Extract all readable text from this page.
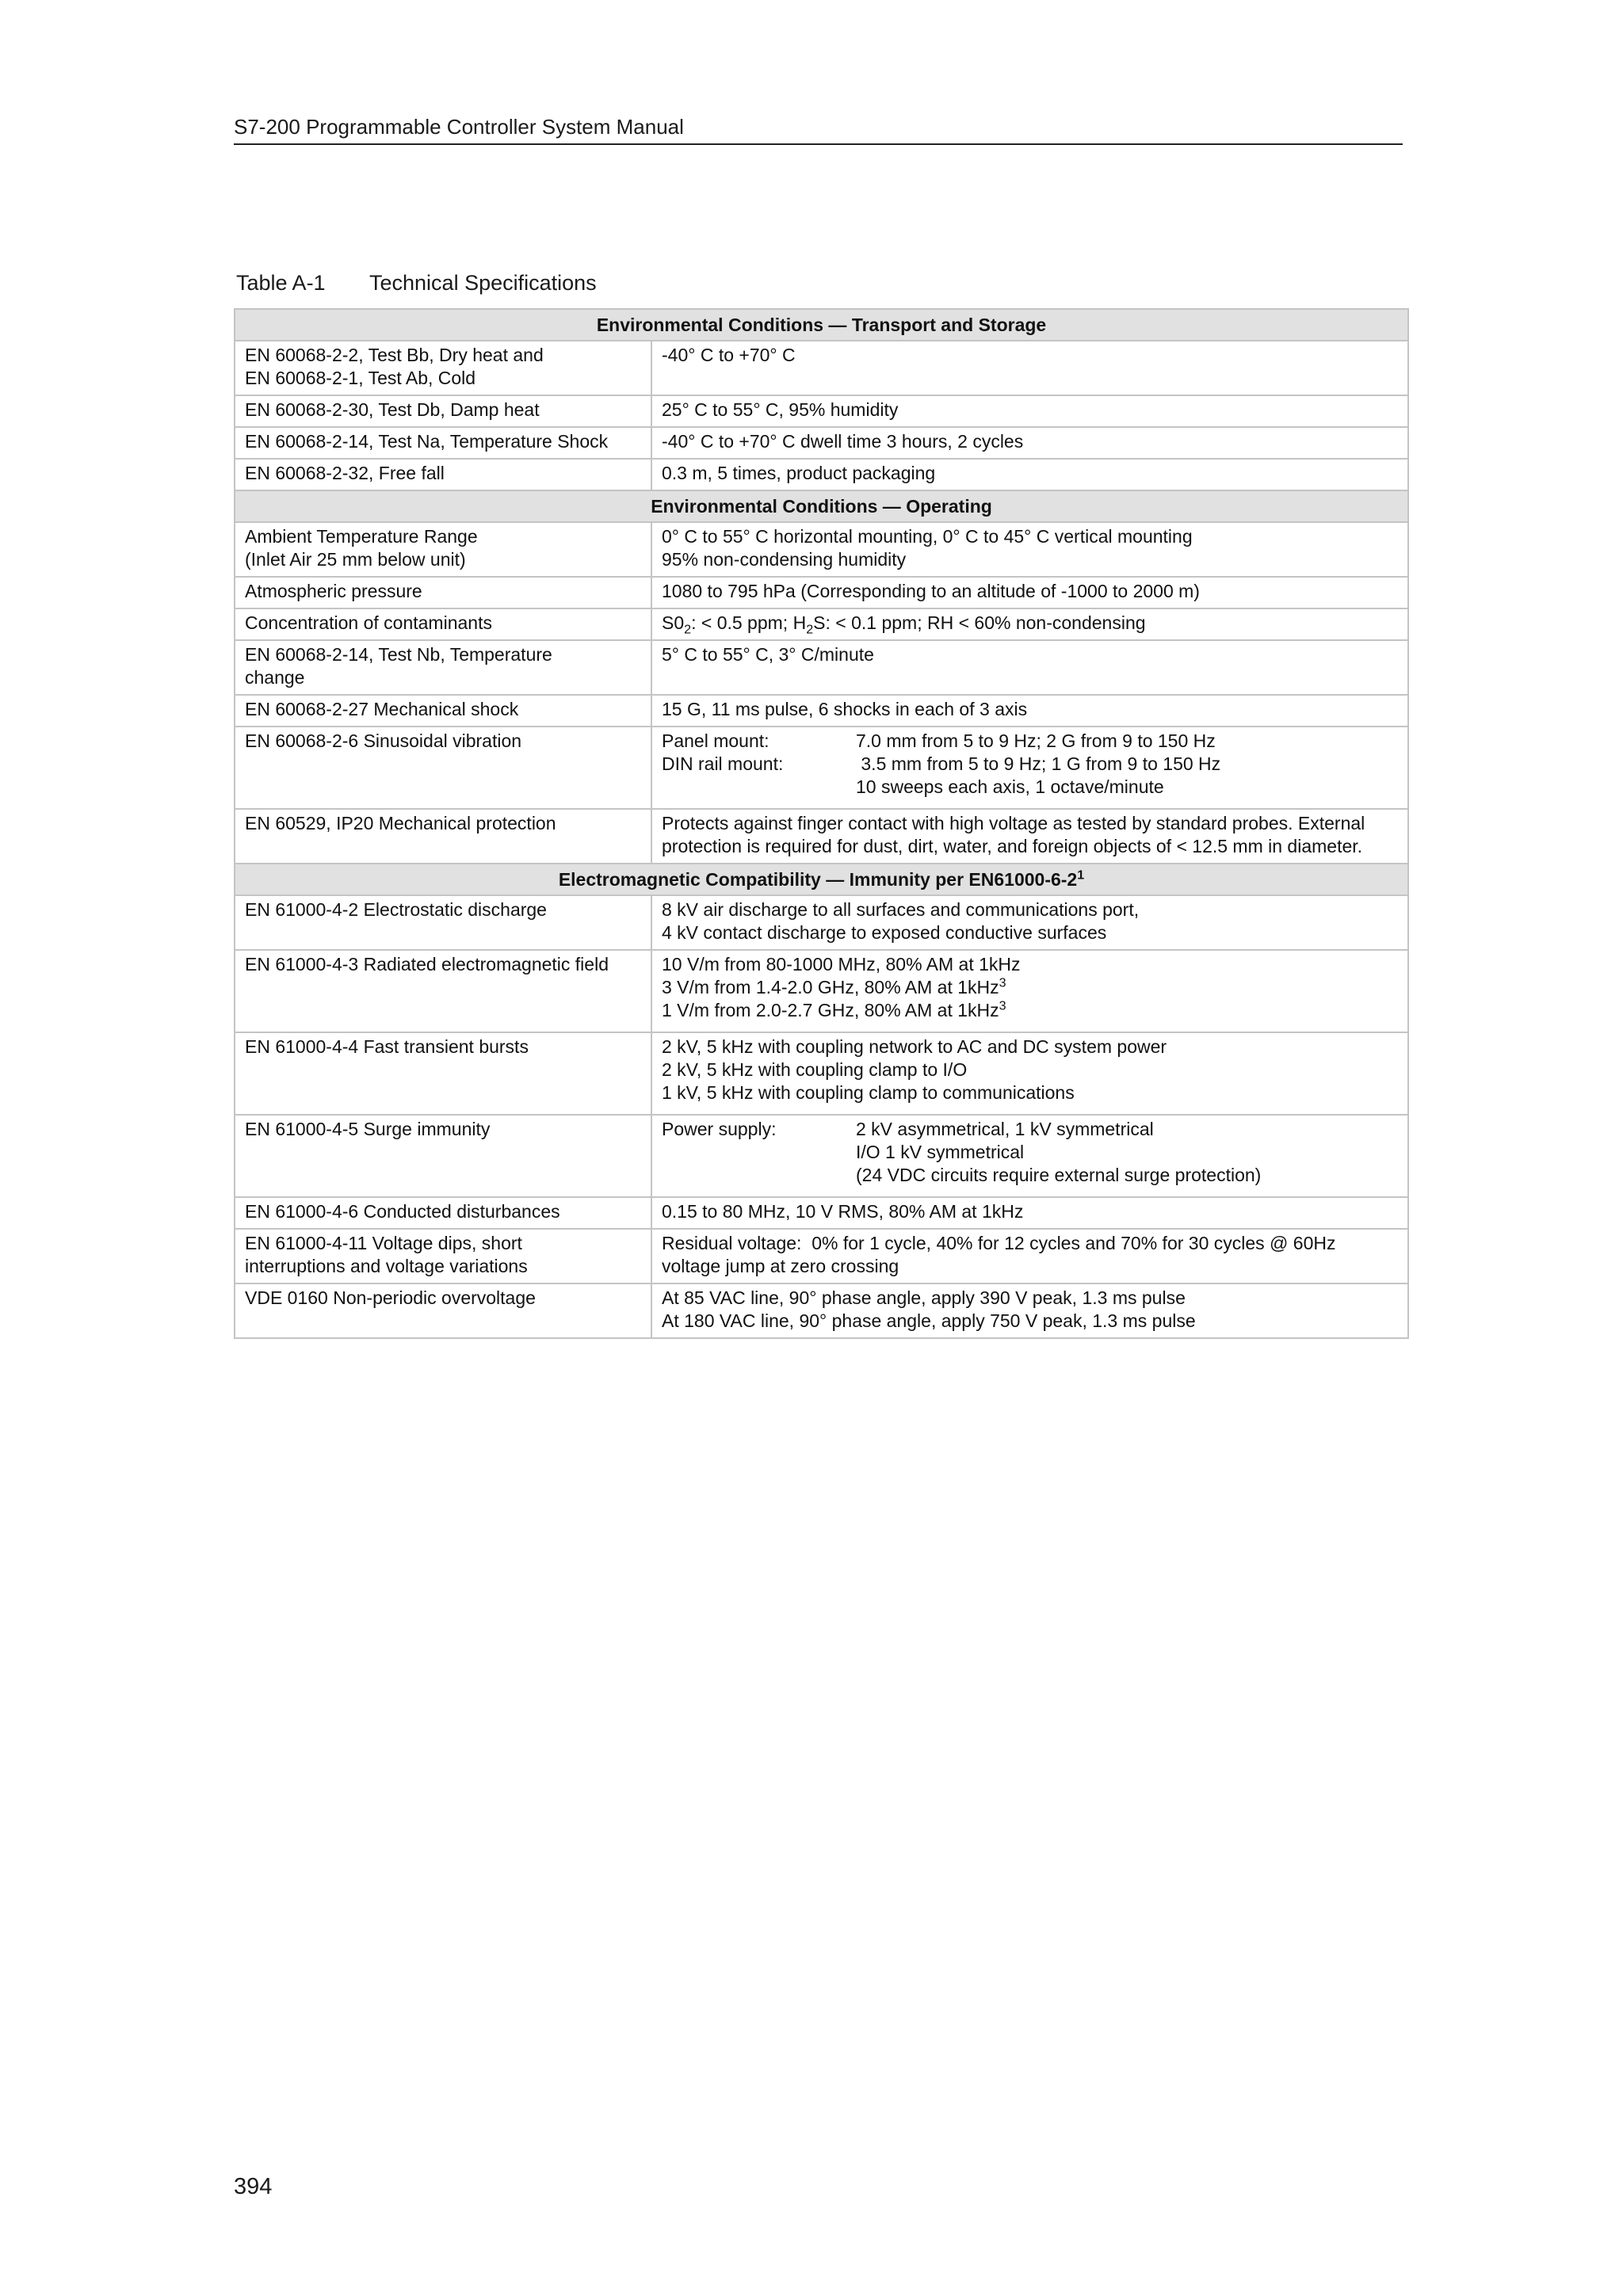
S7-200 Programmable Controller System Manual
Table A-1 Technical Specifications
Environmental Conditions — Transport and Storage	

EN 60068-2-2, Test Bb, Dry heat and
EN 60068-2-1, Test Ab, Cold	-40° C to +70° C

EN 60068-2-30, Test Db, Damp heat	25° C to 55° C, 95% humidity

EN 60068-2-14, Test Na, Temperature Shock	-40° C to +70° C dwell time 3 hours, 2 cycles

EN 60068-2-32, Free fall	0.3 m, 5 times, product packaging

Environmental Conditions — Operating	

Ambient Temperature Range
(Inlet Air 25 mm below unit)	0° C to 55° C horizontal mounting, 0° C to 45° C vertical mounting
95% non-condensing humidity

Atmospheric pressure	1080 to 795 hPa (Corresponding to an altitude of -1000 to 2000 m)

Concentration of contaminants	$S0_2$: < 0.5 ppm; $H_2S$: < 0.1 ppm; RH < 60% non-condensing

EN 60068-2-14, Test Nb, Temperature
change	5° C to 55° C, 3° C/minute

EN 60068-2-27 Mechanical shock	15 G, 11 ms pulse, 6 shocks in each of 3 axis

EN 60068-2-6 Sinusoidal vibration	Panel mount: 7.0 mm from 5 to 9 Hz; 2 G from 9 to 150 Hz
DIN rail mount: 3.5 mm from 5 to 9 Hz; 1 G from 9 to 150 Hz
10 sweeps each axis, 1 octave/minute

EN 60529, IP20 Mechanical protection	Protects against finger contact with high voltage as tested by standard probes. External protection is required for dust, dirt, water, and foreign objects of < 12.5 mm in diameter.

Electromagnetic Compatibility — Immunity per $EN61000-6-2^1$

EN 61000-4-2 Electrostatic discharge	8 kV air discharge to all surfaces and communications port,
4 kV contact discharge to exposed conductive surfaces

EN 61000-4-3 Radiated electromagnetic field	10 V/m from 80-1000 MHz, 80% AM at 1kHz
3 V/m from 1.4-2.0 GHz, 80% AM at 1kHz$^3$
1 V/m from 2.0-2.7 GHz, 80% AM at 1kHz$^3$

EN 61000-4-4 Fast transient bursts	2 kV, 5 kHz with coupling network to AC and DC system power
2 kV, 5 kHz with coupling clamp to I/O
1 kV, 5 kHz with coupling clamp to communications

EN 61000-4-5 Surge immunity	Power supply: 2 kV asymmetrical, 1 kV symmetrical
I/O 1 kV symmetrical
(24 VDC circuits require external surge protection)

EN 61000-4-6 Conducted disturbances	0.15 to 80 MHz, 10 V RMS, 80% AM at 1kHz

EN 61000-4-11 Voltage dips, short
interruptions and voltage variations	Residual voltage:  0% for 1 cycle, 40% for 12 cycles and 70% for 30 cycles @ 60Hz
voltage jump at zero crossing

VDE 0160 Non-periodic overvoltage	At 85 VAC line, 90° phase angle, apply 390 V peak, 1.3 ms pulse
At 180 VAC line, 90° phase angle, apply 750 V peak, 1.3 ms pulse
394
